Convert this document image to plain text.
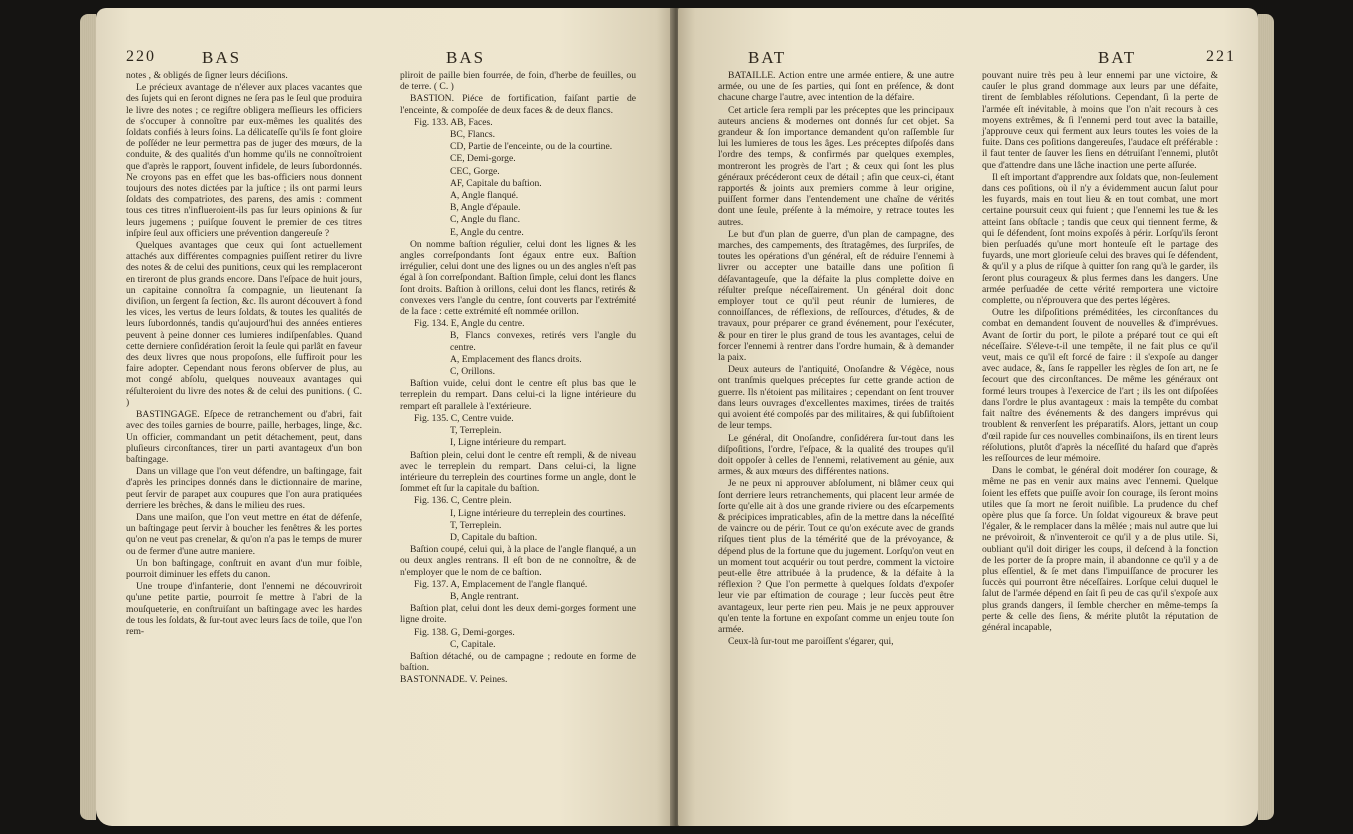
220	BAS	BAS

notes , & obligés de ſigner leurs déciſions.

Le précieux avantage de n'élever aux places vacantes que des ſujets qui en ſeront dignes ne ſera pas le ſeul que produira le livre des notes ; ce regiſtre obligera meſſieurs les officiers de s'occuper à connoître par eux-mêmes les qualités des ſoldats confiés à leurs ſoins. La délicateſſe qu'ils ſe font gloire de poſſéder ne leur permettra pas de juger des mœurs, de la conduite, & des qualités d'un homme qu'ils ne connoîtroient que d'après le rapport, ſouvent infidele, de leurs ſubordonnés. Ne croyons pas en effet que les bas-officiers nous donnent toujours des notes dictées par la juſtice ; ils ont parmi leurs ſoldats des compatriotes, des parens, des amis : comment tous ces titres n'influeroient-ils pas ſur leurs opinions & ſur leurs jugemens ; puiſque ſouvent le premier de ces titres inſpire ſeul aux officiers une prévention dangereuſe ?

Quelques avantages que ceux qui ſont actuellement attachés aux différentes compagnies puiſſent retirer du livre des notes & de celui des punitions, ceux qui les remplaceront en tireront de plus grands encore. Dans l'eſpace de huit jours, un capitaine connoîtra ſa compagnie, un lieutenant ſa diviſion, un ſergent ſa ſection, &c. Ils auront découvert à fond les vices, les vertus de leurs ſoldats, & toutes les qualités de leurs ſubordonnés, tandis qu'aujourd'hui des années entieres peuvent à peine donner ces lumieres indiſpenſables. Quand cette derniere conſidération ſeroit la ſeule qui parlât en faveur des deux livres que nous propoſons, elle ſuffiroit pour les faire adopter. Cependant nous ferons obſerver de plus, au mot congé abſolu, quelques nouveaux avantages qui réſulteroient du livre des notes & de celui des punitions. ( C. )

BASTINGAGE. Eſpece de retranchement ou d'abri, fait avec des toiles garnies de bourre, paille, herbages, linge, &c. Un officier, commandant un petit détachement, peut, dans pluſieurs circonſtances, tirer un parti avantageux d'un bon baſtingage.

Dans un village que l'on veut défendre, un baſtingage, fait d'après les principes donnés dans le dictionnaire de marine, peut ſervir de parapet aux coupures que l'on aura pratiquées derriere les brèches, & dans le milieu des rues.

Dans une maiſon, que l'on veut mettre en état de défenſe, un baſtingage peut ſervir à boucher les fenêtres & les portes qu'on ne veut pas crenelar, & qu'on n'a pas le temps de murer ou de fermer d'une autre maniere.

Un bon baſtingage, conſtruit en avant d'un mur foible, pourroit diminuer les effets du canon.

Une troupe d'infanterie, dont l'ennemi ne découvriroit qu'une petite partie, pourroit ſe mettre à l'abri de la mouſqueterie, en conſtruiſant un baſtingage avec les hardes de tous les ſoldats, & ſur-tout avec leurs ſacs de toile, que l'on rem-

pliroit de paille bien fourrée, de foin, d'herbe de feuilles, ou de terre. ( C. )

BASTION. Piéce de fortification, faiſant partie de l'enceinte, & compoſée de deux faces & de deux flancs.

Fig. 133. AB, Faces.

BC, Flancs.

CD, Partie de l'enceinte, ou de la courtine.

CE, Demi-gorge.

CEC, Gorge.

AF, Capitale du baſtion.

A, Angle flanqué.

B, Angle d'épaule.

C, Angle du flanc.

E, Angle du centre.

On nomme baſtion régulier, celui dont les lignes & les angles correſpondants ſont égaux entre eux. Baſtion irrégulier, celui dont une des lignes ou un des angles n'eſt pas égal à ſon correſpondant. Baſtion ſimple, celui dont les flancs ſont droits. Baſtion à orillons, celui dont les flancs, retirés & convexes vers l'angle du centre, ſont couverts par l'extrémité de la face : cette extrémité eſt nommée orillon.

Fig. 134. E, Angle du centre.

B, Flancs convexes, retirés vers l'angle du centre.

A, Emplacement des flancs droits.

C, Orillons.

Baſtion vuide, celui dont le centre eſt plus bas que le terreplein du rempart. Dans celui-ci la ligne intérieure du rempart eſt parallele à l'extérieure.

Fig. 135. C, Centre vuide.

T, Terreplein.

I, Ligne intérieure du rempart.

Baſtion plein, celui dont le centre eſt rempli, & de niveau avec le terreplein du rempart. Dans celui-ci, la ligne intérieure du terreplein des courtines forme un angle, dont le ſommet eſt ſur la capitale du baſtion.

Fig. 136. C, Centre plein.

I, Ligne intérieure du terreplein des courtines.

T, Terreplein.

D, Capitale du baſtion.

Baſtion coupé, celui qui, à la place de l'angle flanqué, a un ou deux angles rentrans. Il eſt bon de ne connoître, & de n'employer que le nom de ce baſtion.

Fig. 137. A, Emplacement de l'angle flanqué.

B, Angle rentrant.

Baſtion plat, celui dont les deux demi-gorges forment une ligne droite.

Fig. 138. G, Demi-gorges.

C, Capitale.

Baſtion détaché, ou de campagne ; redoute en forme de baſtion.

BASTONNADE. V. Peines.

BAT	BAT	221

BATAILLE. Action entre une armée entiere, & une autre armée, ou une de ſes parties, qui ſont en préſence, & dont chacune charge l'autre, avec intention de la défaire.

Cet article ſera rempli par les préceptes que les principaux auteurs anciens & modernes ont donnés ſur cet objet. Sa grandeur & ſon importance demandent qu'on raſſemble ſur lui les lumieres de tous les âges. Les préceptes diſpoſés dans l'ordre des temps, & confirmés par quelques exemples, montreront les progrès de l'art ; & ceux qui ſont les plus généraux précéderont ceux de détail ; afin que ceux-ci, étant rapportés & joints aux premiers comme à leur origine, puiſſent former dans l'entendement une chaîne de vérités dont une ſeule, préſente à la mémoire, y retrace toutes les autres.

Le but d'un plan de guerre, d'un plan de campagne, des marches, des campements, des ſtratagêmes, des ſurpriſes, de toutes les opérations d'un général, eſt de réduire l'ennemi à livrer ou accepter une bataille dans une poſition ſi déſavantageuſe, que la défaite la plus complette doive en réſulter preſque néceſſairement. Un général doit donc employer tout ce qu'il peut réunir de lumieres, de connoiſſances, de réflexions, de reſſources, d'études, & de travaux, pour préparer ce grand événement, pour l'exécuter, & pour en tirer le plus grand de tous les avantages, celui de forcer l'ennemi à rentrer dans l'ordre humain, & à demander la paix.

Deux auteurs de l'antiquité, Onoſandre & Végèce, nous ont tranſmis quelques préceptes ſur cette grande action de guerre. Ils n'étoient pas militaires ; cependant on ſent trouver dans leurs ouvrages d'excellentes maximes, tirées de traités qui avoient été compoſés par des militaires, & qui ſubſiſtoient de leur temps.

Le général, dit Onoſandre, conſidérera ſur-tout dans les diſpoſitions, l'ordre, l'eſpace, & la qualité des troupes qu'il doit oppoſer à celles de l'ennemi, relativement au génie, aux armes, & aux mœurs des différentes nations.

Je ne peux ni approuver abſolument, ni blâmer ceux qui ſont derriere leurs retranchements, qui placent leur armée de ſorte qu'elle ait à dos une grande riviere ou des eſcarpements & précipices impraticables, afin de la mettre dans la néceſſité de vaincre ou de périr. Tout ce qu'on exécute avec de grands riſques tient plus de la témérité que de la prévoyance, & dépend plus de la fortune que du jugement. Lorſqu'on veut en un moment tout acquérir ou tout perdre, comment la victoire peut-elle être attribuée à la prudence, & la défaite à la réflexion ? Que l'on permette à quelques ſoldats d'expoſer leur vie par eſtimation de courage ; leur ſuccès peut être avantageux, leur perte rien peu. Mais je ne peux approuver qu'en tente la fortune en expoſant comme un enjeu toute ſon armée.

Ceux-là ſur-tout me paroiſſent s'égarer, qui,

pouvant nuire très peu à leur ennemi par une victoire, & cauſer le plus grand dommage aux leurs par une défaite, tirent de ſemblables réſolutions. Cependant, ſi la perte de l'armée eſt inévitable, à moins que l'on n'ait recours à ces moyens extrêmes, & ſi l'ennemi perd tout avec la bataille, j'approuve ceux qui ferment aux leurs toutes les voies de la fuite. Dans ces poſitions dangereuſes, l'audace eſt préférable : il faut tenter de ſauver les ſiens en détruiſant l'ennemi, plutôt que d'attendre dans une lâche inaction une perte aſſurée.

Il eſt important d'apprendre aux ſoldats que, non-ſeulement dans ces poſitions, où il n'y a évidemment aucun ſalut pour les fuyards, mais en tout lieu & en tout combat, une mort certaine poursuit ceux qui fuient ; que l'ennemi les tue & les atteint ſans obſtacle ; tandis que ceux qui tiennent ferme, & qui ſe défendent, ſont moins expoſés à périr. Lorſqu'ils ſeront bien perſuadés qu'une mort honteuſe eſt le partage des fuyards, une mort glorieuſe celui des braves qui ſe défendent, & qu'il y a plus de riſque à quitter ſon rang qu'à le garder, ils ſeront plus courageux & plus fermes dans les dangers. Une armée perſuadée de cette vérité remportera une victoire complette, ou n'éprouvera que des pertes légères.

Outre les diſpoſitions préméditées, les circonſtances du combat en demandent ſouvent de nouvelles & d'imprévues. Avant de ſortir du port, le pilote a préparé tout ce qui eſt néceſſaire. S'éleve-t-il une tempête, il ne fait plus ce qu'il veut, mais ce qu'il eſt forcé de faire : il s'expoſe au danger avec audace, &, ſans ſe rappeller les règles de ſon art, ne ſe ſecourt que des circonſtances. De même les généraux ont formé leurs troupes à l'exercice de l'art ; ils les ont diſpoſées dans l'ordre le plus avantageux : mais la tempête du combat fait naître des événements & des dangers imprévus qui troublent & renverſent les préparatifs. Alors, jettant un coup d'œil rapide ſur ces nouvelles combinaiſons, ils en tirent leurs réſolutions, plutôt d'après la néceſſité du haſard que d'après les reſſources de leur mémoire.

Dans le combat, le général doit modérer ſon courage, & même ne pas en venir aux mains avec l'ennemi. Quelque ſoient les effets que puiſſe avoir ſon courage, ils ſeront moins utiles que ſa mort ne ſeroit nuiſible. La prudence du chef opère plus que ſa force. Un ſoldat vigoureux & brave peut l'égaler, & le remplacer dans la mêlée ; mais nul autre que lui ne prévoiroit, & n'inventeroit ce qu'il y a de plus utile. Si, oubliant qu'il doit diriger les coups, il deſcend à la fonction de les porter de ſa propre main, il abandonne ce qu'il y a de plus eſſentiel, & ſe met dans l'impuiſſance de procurer les ſuccès qui pourront être néceſſaires. Lorſque celui duquel le ſalut de l'armée dépend en ſait ſi peu de cas qu'il s'expoſe aux plus grands dangers, il ſemble chercher en même-temps ſa perte & celle des ſiens, & mérite plutôt la réputation de général incapable,
